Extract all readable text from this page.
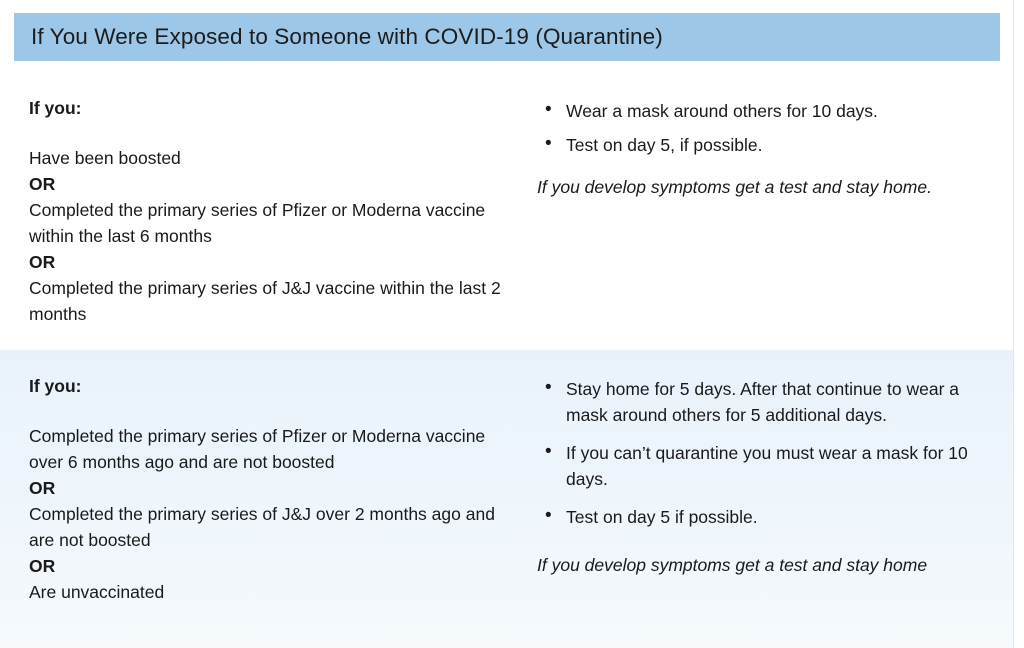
If You Were Exposed to Someone with COVID-19 (Quarantine)

If you:

Have been boosted
OR
Completed the primary series of Pfizer or Moderna vaccine within the last 6 months
OR
Completed the primary series of J&J vaccine within the last 2 months
• Wear a mask around others for 10 days.
• Test on day 5, if possible.

If you develop symptoms get a test and stay home.

If you:

Completed the primary series of Pfizer or Moderna vaccine over 6 months ago and are not boosted
OR
Completed the primary series of J&J over 2 months ago and are not boosted
OR
Are unvaccinated
• Stay home for 5 days. After that continue to wear a mask around others for 5 additional days.
• If you can’t quarantine you must wear a mask for 10 days.
• Test on day 5 if possible.

If you develop symptoms get a test and stay home
